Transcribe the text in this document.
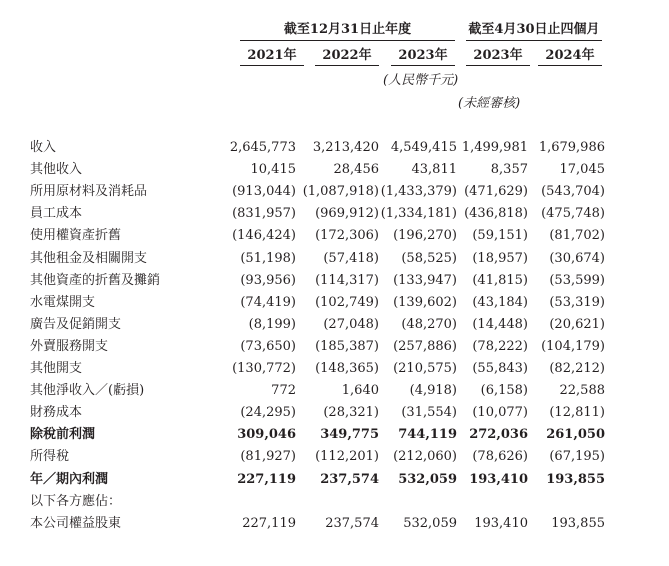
截至12月31日止年度	截至4月30日止四個月
2021年	2022年	2023年	2023年	2024年
(人民幣千元)
(未經審核)
收入	2,645,773	3,213,420 4,549,415 1,499,981 1,679,986
其他收入	10,415	28,456	43,811	8,357	17,045
所用原材料及消耗品	(913,044) (1,087,918) (1,433,379) (471,629)	(543,704)
員工成本	(831,957)	(969,912) (1,334,181) (436,818)	(475,748)
使用權資產折舊	(146,424)	(172,306)	(196,270)	(59,151)	(81,702)
其他租金及相關開支	(51,198)	(57,418)	(58,525)	(18,957)	(30,674)
其他資產的折舊及攤銷	(93,956)	(114,317)	(133,947)	(41,815)	(53,599)
水電煤開支	(74,419)	(102,749)	(139,602)	(43,184)	(53,319)
廣告及促銷開支	(8,199)	(27,048)	(48,270)	(14,448)	(20,621)
外賣服務開支	(73,650)	(185,387)	(257,886)	(78,222)	(104,179)
其他開支	(130,772)	(148,365)	(210,575)	(55,843)	(82,212)
其他淨收入／(虧損)	772	1,640	(4,918)	(6,158)	22,588
財務成本	(24,295)	(28,321)	(31,554)	(10,077)	(12,811)
除稅前利潤	309,046	349,775	744,119 272,036	261,050
所得稅	(81,927)	(112,201)	(212,060)	(78,626)	(67,195)
年／期內利潤	227,119	237,574	532,059 193,410	193,855
以下各方應佔：
本公司權益股東	227,119	237,574	532,059	193,410	193,855
